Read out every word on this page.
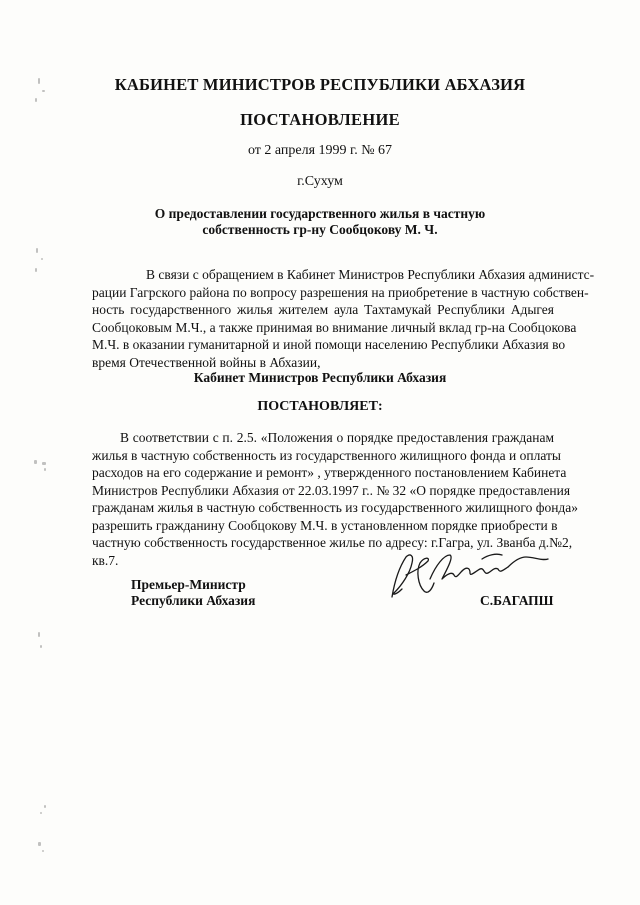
КАБИНЕТ МИНИСТРОВ РЕСПУБЛИКИ АБХАЗИЯ
ПОСТАНОВЛЕНИЕ
от 2 апреля 1999 г. № 67
г.Сухум
О предоставлении государственного жилья в частную
собственность гр-ну Сообцокову М. Ч.
В связи с обращением в Кабинет Министров Республики Абхазия администс-
рации Гагрского района по вопросу разрешения на приобретение в частную собствен-
ность государственного жилья жителем аула Тахтамукай Республики Адыгея
Сообцоковым М.Ч., а также принимая во внимание личный вклад гр-на Сообцокова
М.Ч. в оказании гуманитарной и иной помощи населению Республики Абхазия во
время Отечественной войны в Абхазии,
Кабинет Министров Республики Абхазия
ПОСТАНОВЛЯЕТ:
В соответствии с п. 2.5. «Положения о порядке предоставления гражданам
жилья в частную собственность из государственного жилищного фонда и оплаты
расходов на его содержание и ремонт» , утвержденного постановлением Кабинета
Министров Республики Абхазия от 22.03.1997 г.. № 32 «О порядке предоставления
гражданам жилья в частную собственность из государственного жилищного фонда»
разрешить гражданину Сообцокову М.Ч. в установленном порядке приобрести в
частную собственность государственное жилье по адресу: г.Гагра, ул. Званба д.№2,
кв.7.
Премьер-Министр
Республики Абхазия	С.БАГАПШ
